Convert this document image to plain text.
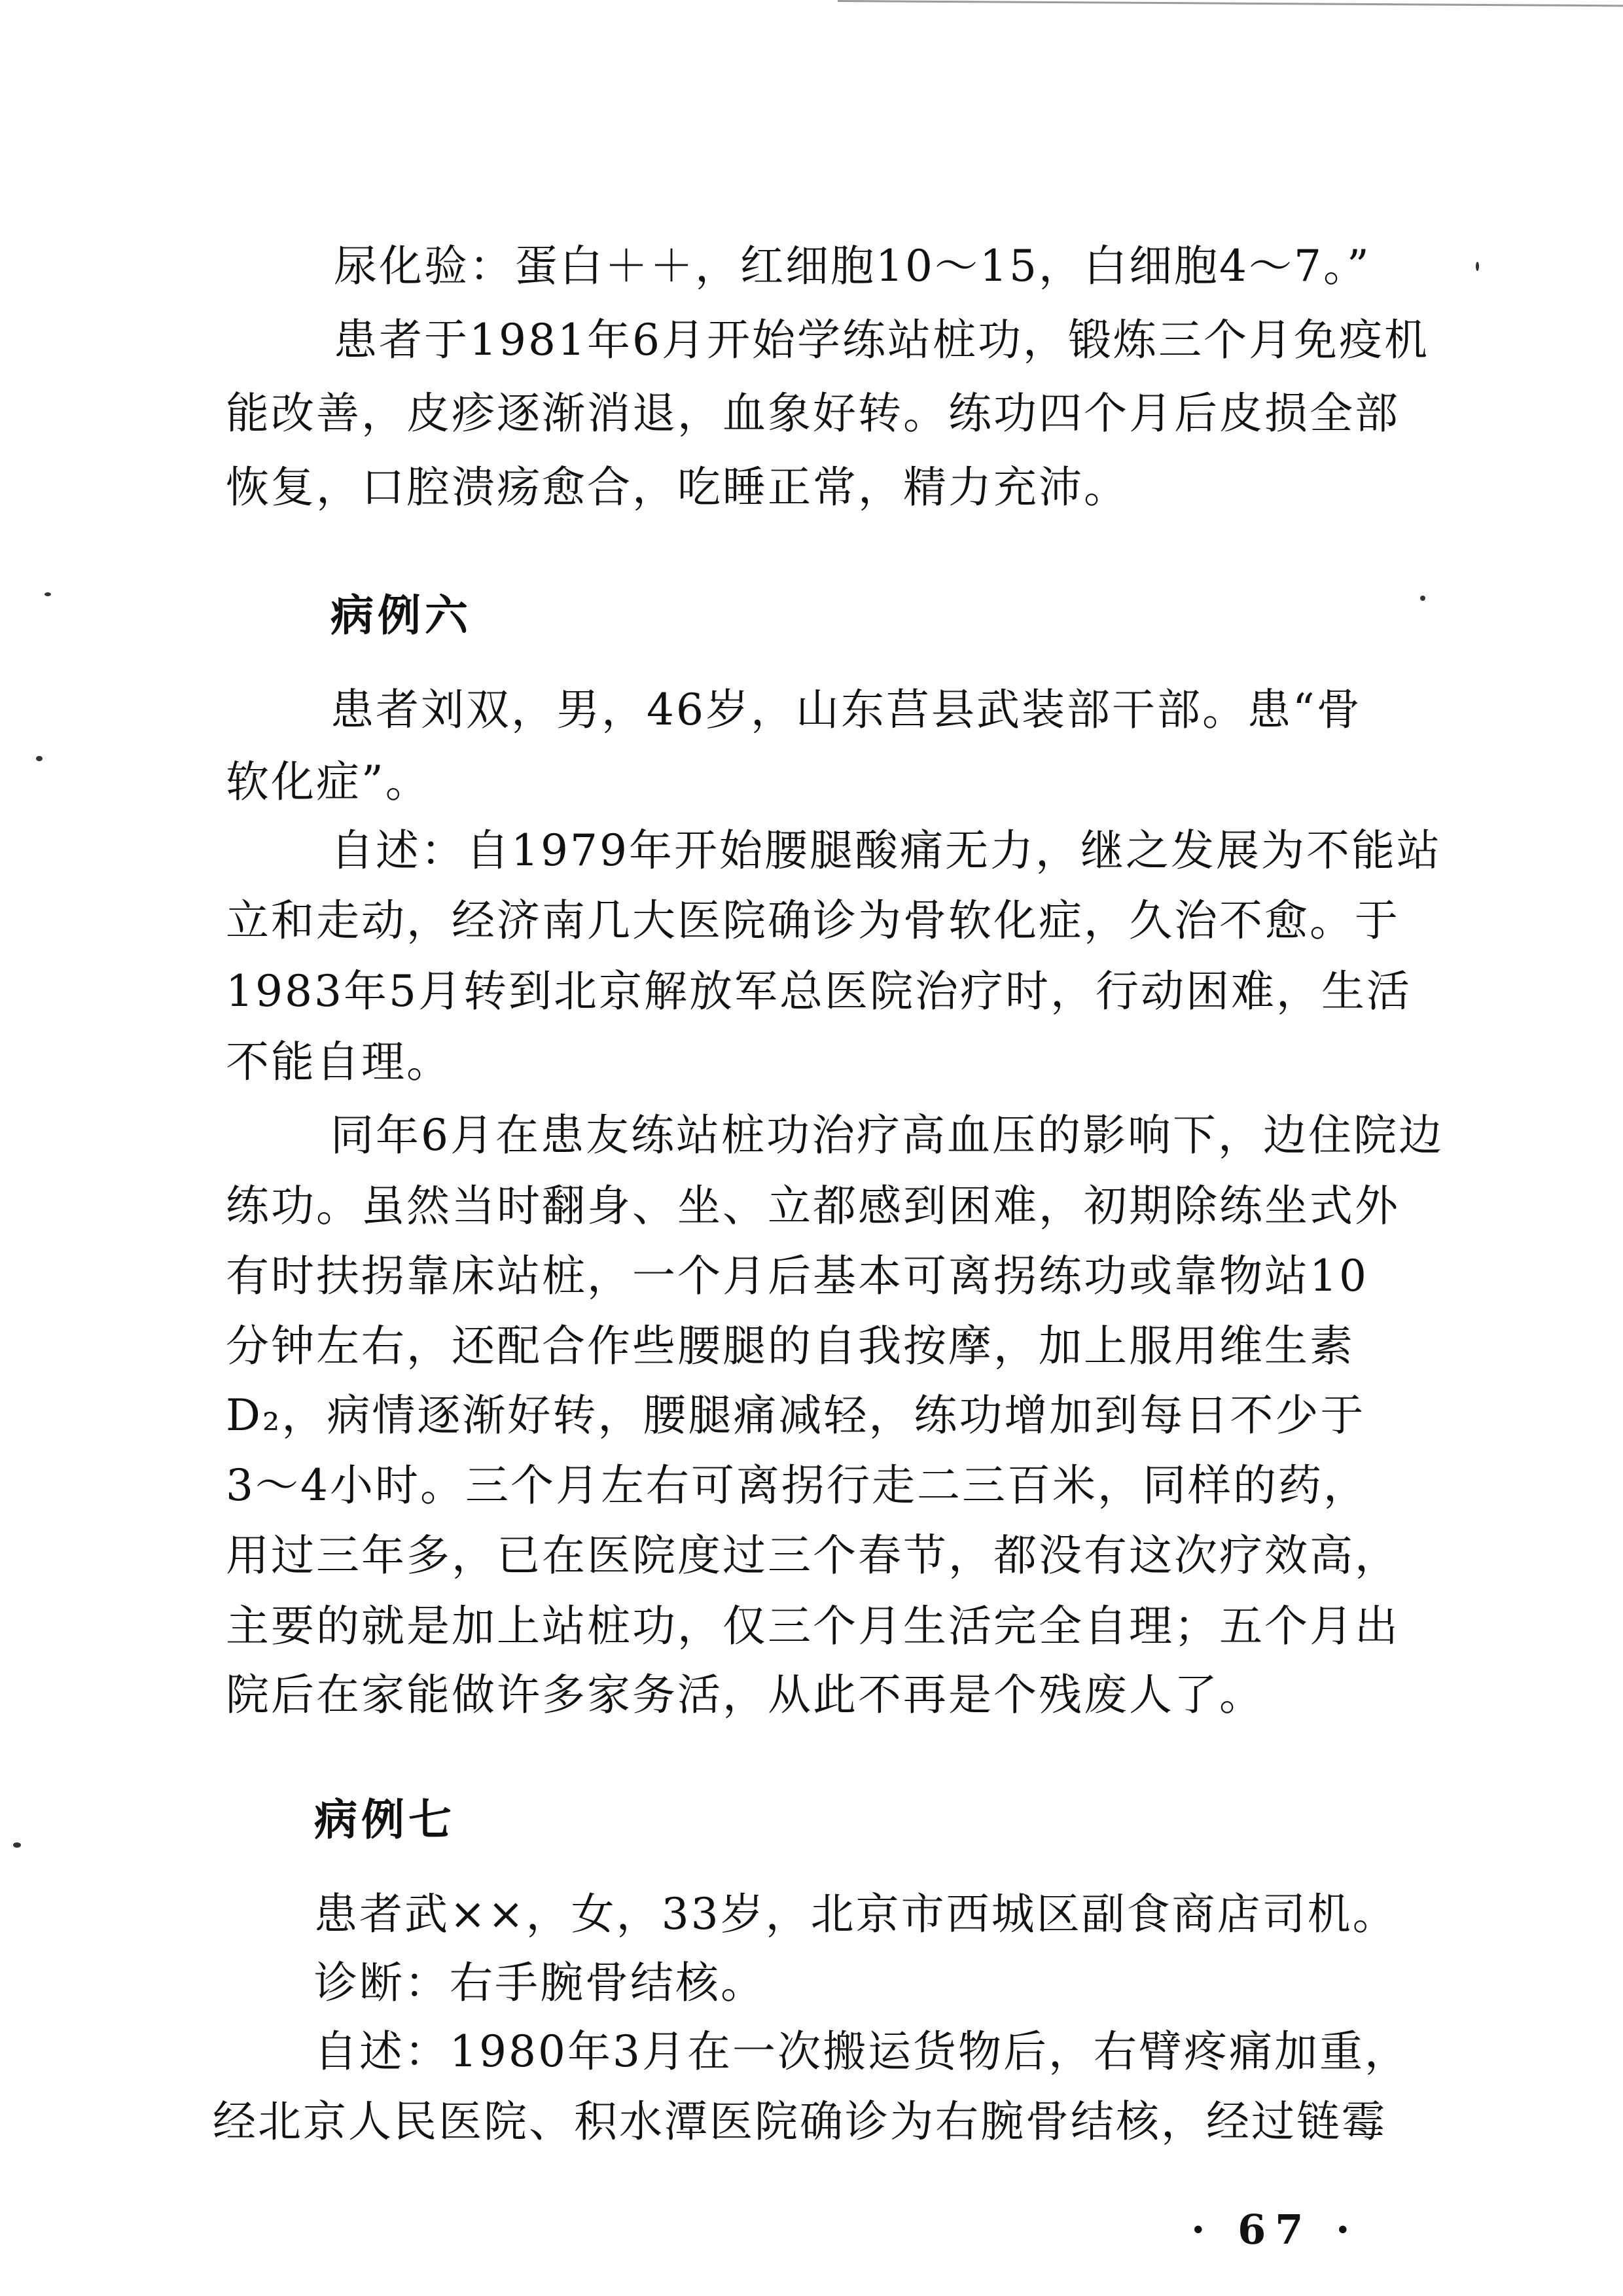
尿化验：蛋白＋＋，红细胞10～15，白细胞4～7。”
患者于1981年6月开始学练站桩功，锻炼三个月免疫机
能改善，皮疹逐渐消退，血象好转。练功四个月后皮损全部
恢复，口腔溃疡愈合，吃睡正常，精力充沛。
病例六
患者刘双，男，46岁，山东莒县武装部干部。患“骨
软化症”。
自述：自1979年开始腰腿酸痛无力，继之发展为不能站
立和走动，经济南几大医院确诊为骨软化症，久治不愈。于
1983年5月转到北京解放军总医院治疗时，行动困难，生活
不能自理。
同年6月在患友练站桩功治疗高血压的影响下，边住院边
练功。虽然当时翻身、坐、立都感到困难，初期除练坐式外
有时扶拐靠床站桩，一个月后基本可离拐练功或靠物站10
分钟左右，还配合作些腰腿的自我按摩，加上服用维生素
D₂，病情逐渐好转，腰腿痛减轻，练功增加到每日不少于
3～4小时。三个月左右可离拐行走二三百米，同样的药，
用过三年多，已在医院度过三个春节，都没有这次疗效高，
主要的就是加上站桩功，仅三个月生活完全自理；五个月出
院后在家能做许多家务活，从此不再是个残废人了。
病例七
患者武××，女，33岁，北京市西城区副食商店司机。
诊断：右手腕骨结核。
自述：1980年3月在一次搬运货物后，右臂疼痛加重，
经北京人民医院、积水潭医院确诊为右腕骨结核，经过链霉
· 67 ·
